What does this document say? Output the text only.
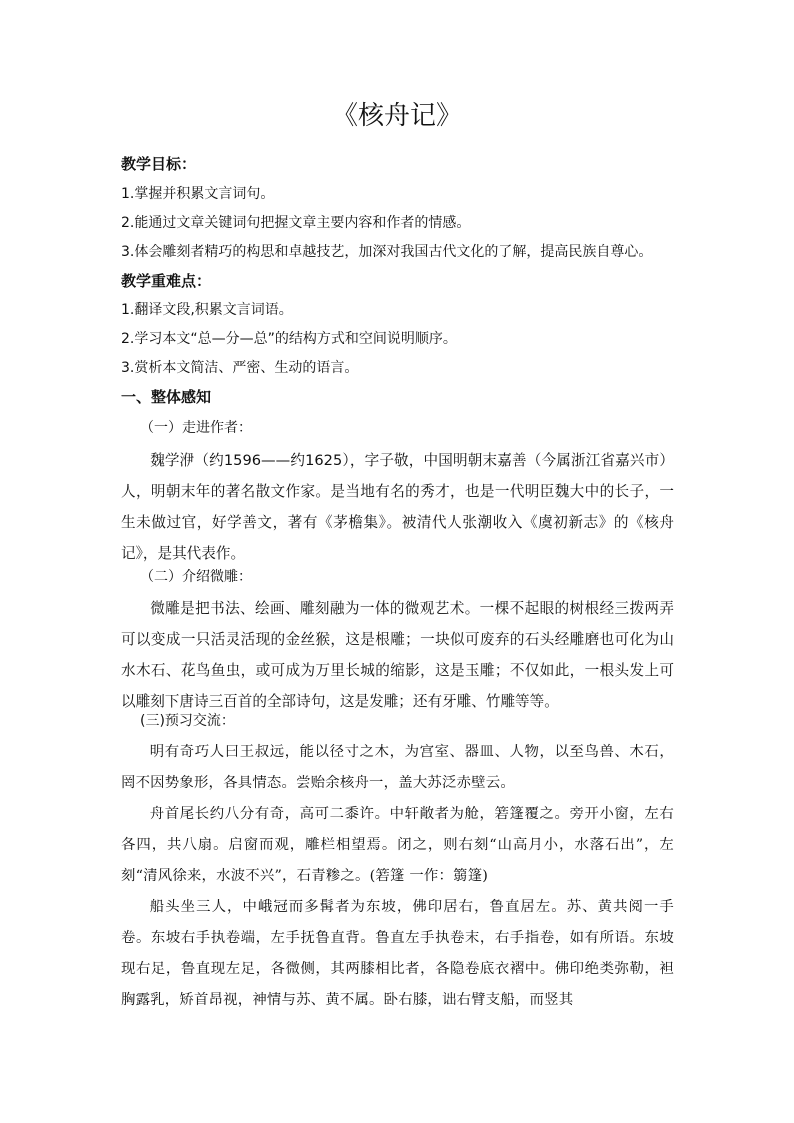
《核舟记》
教学目标：
1.掌握并积累文言词句。
2.能通过文章关键词句把握文章主要内容和作者的情感。
3.体会雕刻者精巧的构思和卓越技艺，加深对我国古代文化的了解，提高民族自尊心。
教学重难点：
1.翻译文段,积累文言词语。
2.学习本文“总—分—总”的结构方式和空间说明顺序。
3.赏析本文简洁、严密、生动的语言。
一、整体感知
（一）走进作者：
魏学洢（约1596——约1625），字子敬，中国明朝末嘉善（今属浙江省嘉兴市）人，明朝末年的著名散文作家。是当地有名的秀才，也是一代明臣魏大中的长子，一生未做过官，好学善文，著有《茅檐集》。被清代人张潮收入《虞初新志》的《核舟记》，是其代表作。
（二）介绍微雕：
微雕是把书法、绘画、雕刻融为一体的微观艺术。一棵不起眼的树根经三拨两弄可以变成一只活灵活现的金丝猴，这是根雕；一块似可废弃的石头经雕磨也可化为山水木石、花鸟鱼虫，或可成为万里长城的缩影，这是玉雕；不仅如此，一根头发上可以雕刻下唐诗三百首的全部诗句，这是发雕；还有牙雕、竹雕等等。
(三)预习交流：
明有奇巧人曰王叔远，能以径寸之木，为宫室、器皿、人物，以至鸟兽、木石，罔不因势象形，各具情态。尝贻余核舟一，盖大苏泛赤壁云。
舟首尾长约八分有奇，高可二黍许。中轩敞者为舱，箬篷覆之。旁开小窗，左右各四，共八扇。启窗而观，雕栏相望焉。闭之，则右刻“山高月小，水落石出”，左刻“清风徐来，水波不兴”，石青糁之。(箬篷 一作：篛篷)
船头坐三人，中峨冠而多髯者为东坡，佛印居右，鲁直居左。苏、黄共阅一手卷。东坡右手执卷端，左手抚鲁直背。鲁直左手执卷末，右手指卷，如有所语。东坡现右足，鲁直现左足，各微侧，其两膝相比者，各隐卷底衣褶中。佛印绝类弥勒，袒胸露乳，矫首昂视，神情与苏、黄不属。卧右膝，诎右臂支船，而竖其
